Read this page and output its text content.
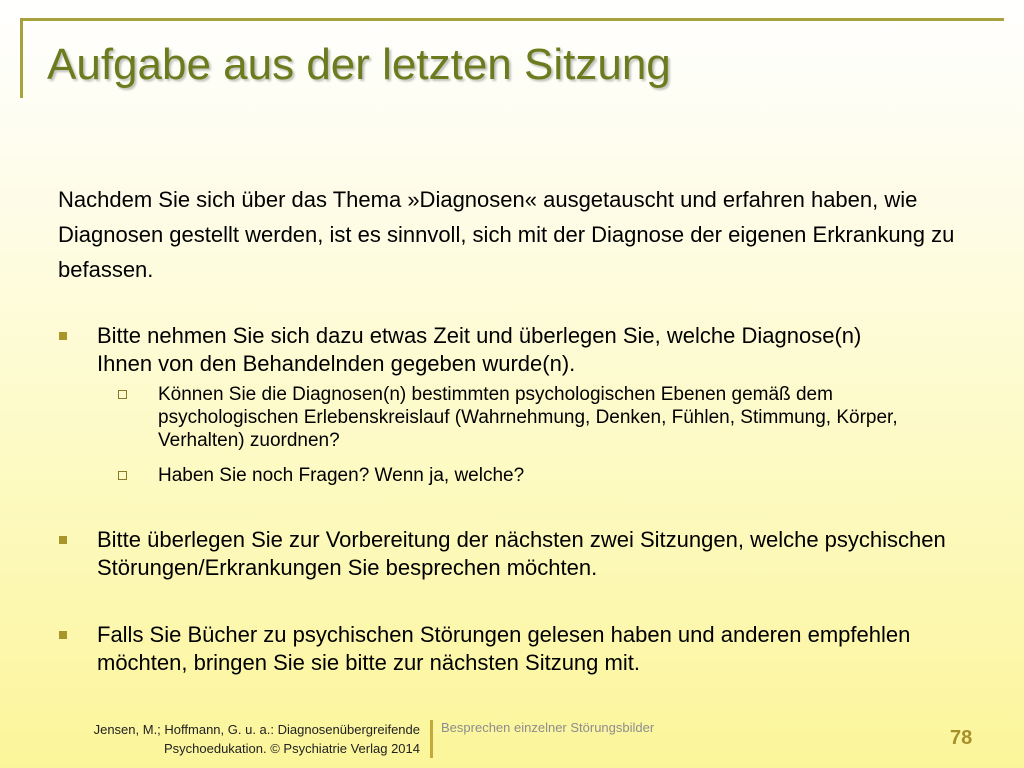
Aufgabe aus der letzten Sitzung

Nachdem Sie sich über das Thema »Diagnosen« ausgetauscht und erfahren haben, wie Diagnosen gestellt werden, ist es sinnvoll, sich mit der Diagnose der eigenen Erkrankung zu befassen.

Bitte nehmen Sie sich dazu etwas Zeit und überlegen Sie, welche Diagnose(n) Ihnen von den Behandelnden gegeben wurde(n).
Können Sie die Diagnosen(n) bestimmten psychologischen Ebenen gemäß dem psychologischen Erlebenskreislauf (Wahrnehmung, Denken, Fühlen, Stimmung, Körper, Verhalten) zuordnen?
Haben Sie noch Fragen? Wenn ja, welche?
Bitte überlegen Sie zur Vorbereitung der nächsten zwei Sitzungen, welche psychischen Störungen/Erkrankungen Sie besprechen möchten.
Falls Sie Bücher zu psychischen Störungen gelesen haben und anderen empfehlen möchten, bringen Sie sie bitte zur nächsten Sitzung mit.
Jensen, M.; Hoffmann, G. u. a.: Diagnosenübergreifende
Psychoedukation. © Psychiatrie Verlag 2014
Besprechen einzelner Störungsbilder	78
